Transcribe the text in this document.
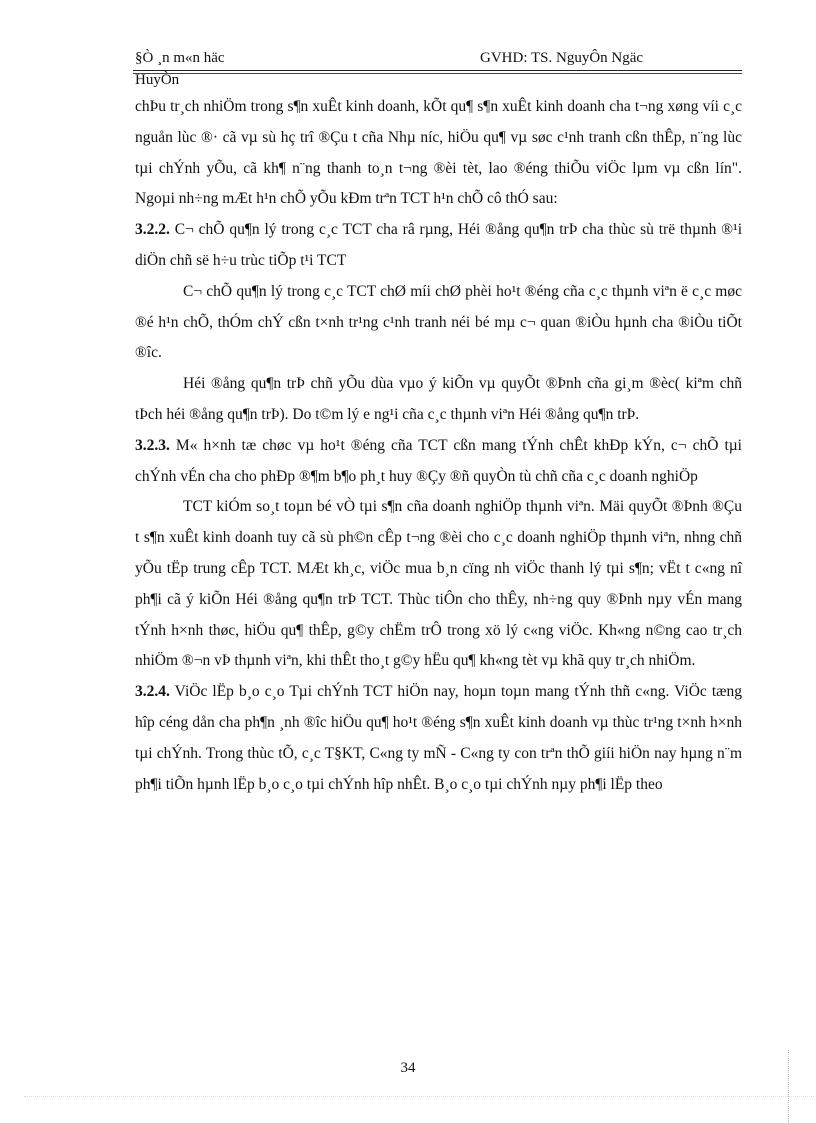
§Ò ¸n m«n häc	GVHD: TS. NguyÔn Ngäc
HuyÒn

chÞu tr¸ch nhiÖm trong s¶n xuÊt kinh doanh, kÕt qu¶ s¶n xuÊt kinh doanh cha t¬ng xøng víi c¸c nguån lùc ®· cã vµ sù hç trî ®Çu t cña Nhµ níc, hiÖu qu¶ vµ søc c¹nh tranh cßn thÊp, n¨ng lùc tµi chÝnh yÕu, cã kh¶ n¨ng thanh to¸n t¬ng ®èi tèt, lao ®éng thiÕu viÖc lµm vµ cßn lín". Ngoµi nh÷ng mÆt h¹n chÕ yÕu kÐm trªn TCT h¹n chÕ cô thÓ sau:

3.2.2. C¬ chÕ qu¶n lý trong c¸c TCT cha râ rµng, Héi ®ång qu¶n trÞ cha thùc sù trë thµnh ®¹i diÖn chñ së h÷u trùc tiÕp t¹i TCT

C¬ chÕ qu¶n lý trong c¸c TCT chØ míi chØ phèi ho¹t ®éng cña c¸c thµnh viªn ë c¸c møc ®é h¹n chÕ, thÓm chÝ cßn t×nh tr¹ng c¹nh tranh néi bé mµ c¬ quan ®iÒu hµnh cha ®iÒu tiÕt ®îc.

Héi ®ång qu¶n trÞ chñ yÕu dùa vµo ý kiÕn vµ quyÕt ®Þnh cña gi¸m ®èc( kiªm chñ tÞch héi ®ång qu¶n trÞ). Do t©m lý e ng¹i cña c¸c thµnh viªn Héi ®ång qu¶n trÞ.

3.2.3. M« h×nh tæ chøc vµ ho¹t ®éng cña TCT cßn mang tÝnh chÊt khÐp kÝn, c¬ chÕ tµi chÝnh vÉn cha cho phÐp ®¶m b¶o ph¸t huy ®Çy ®ñ quyÒn tù chñ cña c¸c doanh nghiÖp

TCT kiÓm so¸t toµn bé vÒ tµi s¶n cña doanh nghiÖp thµnh viªn. Mäi quyÕt ®Þnh ®Çu t s¶n xuÊt kinh doanh tuy cã sù ph©n cÊp t¬ng ®èi cho c¸c doanh nghiÖp thµnh viªn, nhng chñ yÕu tËp trung cÊp TCT. MÆt kh¸c, viÖc mua b¸n cïng nh viÖc thanh lý tµi s¶n; vËt t c«ng nî ph¶i cã ý kiÕn Héi ®ång qu¶n trÞ TCT. Thùc tiÔn cho thÊy, nh÷ng quy ®Þnh nµy vÉn mang tÝnh h×nh thøc, hiÖu qu¶ thÊp, g©y chËm trÔ trong xö lý c«ng viÖc. Kh«ng n©ng cao tr¸ch nhiÖm ®¬n vÞ thµnh viªn, khi thÊt tho¸t g©y hËu qu¶ kh«ng tèt vµ khã quy tr¸ch nhiÖm.

3.2.4. ViÖc lËp b¸o c¸o Tµi chÝnh TCT hiÖn nay, hoµn toµn mang tÝnh thñ c«ng. ViÖc tæng hîp céng dån cha ph¶n ¸nh ®îc hiÖu qu¶ ho¹t ®éng s¶n xuÊt kinh doanh vµ thùc tr¹ng t×nh h×nh tµi chÝnh. Trong thùc tÕ, c¸c T§KT, C«ng ty mÑ - C«ng ty con trªn thÕ giíi hiÖn nay hµng n¨m ph¶i tiÕn hµnh lËp b¸o c¸o tµi chÝnh hîp nhÊt. B¸o c¸o tµi chÝnh nµy ph¶i lËp theo

34
